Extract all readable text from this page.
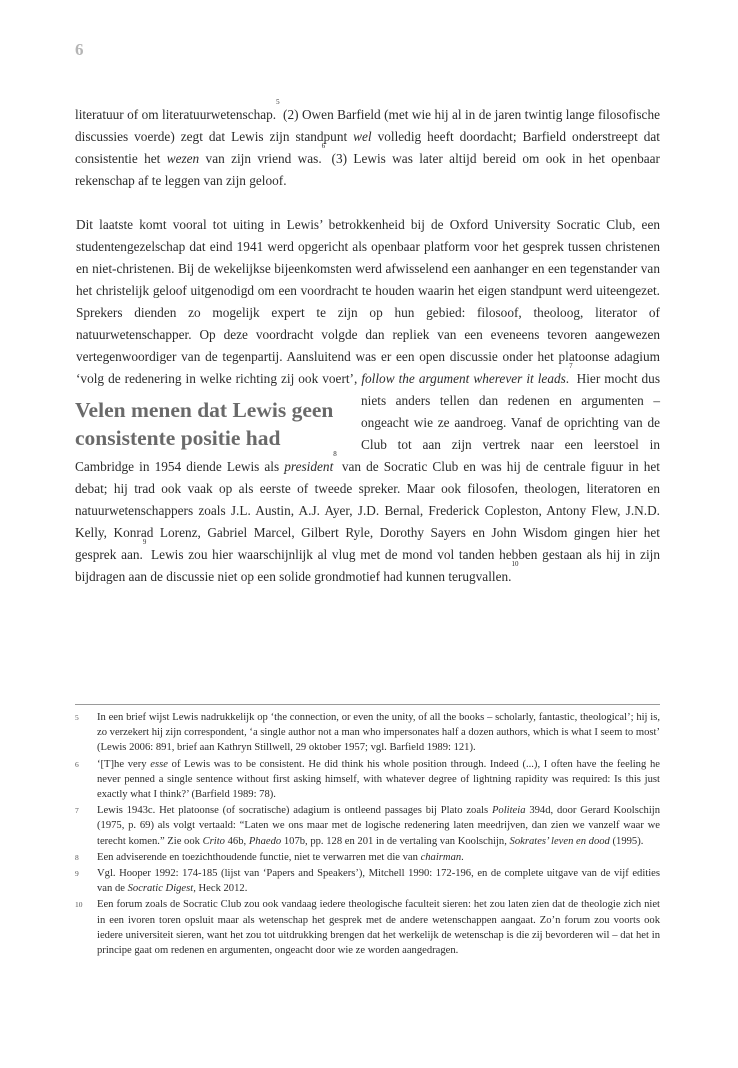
6

literatuur of om literatuurwetenschap.$^5$ (2) Owen Barfield (met wie hij al in de jaren twintig lange filosofische discussies voerde) zegt dat Lewis zijn standpunt wel volledig heeft doordacht; Barfield onderstreept dat consistentie het wezen van zijn vriend was.$^6$ (3) Lewis was later altijd bereid om ook in het openbaar rekenschap af te leggen van zijn geloof.

Velen menen dat Lewis geen consistente positie had
Dit laatste komt vooral tot uiting in Lewis’ betrokkenheid bij de Oxford University Socratic Club, een studentengezelschap dat eind 1941 werd opgericht als openbaar platform voor het gesprek tussen christenen en niet-christenen. Bij de wekelijkse bijeenkomsten werd afwisselend een aanhanger en een tegenstander van het christelijk geloof uitgenodigd om een voordracht te houden waarin het eigen standpunt werd uiteengezet. Sprekers dienden zo mogelijk expert te zijn op hun gebied: filosoof, theoloog, literator of natuurwetenschapper. Op deze voordracht volgde dan repliek van een eveneens tevoren aangewezen vertegenwoordiger van de tegenpartij. Aansluitend was er een open discussie onder het platoonse adagium ‘volg de redenering in welke richting zij ook voert’, follow the argument wherever it leads.$^7$ Hier mocht dus niets anders tellen dan redenen en argumenten – ongeacht wie ze aandroeg. Vanaf de oprichting van de Club tot aan zijn vertrek naar een leerstoel in Cambridge in 1954 diende Lewis als president$^8$ van de Socratic Club en was hij de centrale figuur in het debat; hij trad ook vaak op als eerste of tweede spreker. Maar ook filosofen, theologen, literatoren en natuurwetenschappers zoals J.L. Austin, A.J. Ayer, J.D. Bernal, Frederick Copleston, Antony Flew, J.N.D. Kelly, Konrad Lorenz, Gabriel Marcel, Gilbert Ryle, Dorothy Sayers en John Wisdom gingen hier het gesprek aan.$^9$ Lewis zou hier waarschijnlijk al vlug met de mond vol tanden hebben gestaan als hij in zijn bijdragen aan de discussie niet op een solide grondmotief had kunnen terugvallen.$^{10}$

5	In een brief wijst Lewis nadrukkelijk op ‘the connection, or even the unity, of all the books – scholarly, fantastic, theological’; hij is, zo verzekert hij zijn correspondent, ‘a single author not a man who impersonates half a dozen authors, which is what I seem to most’ (Lewis 2006: 891, brief aan Kathryn Stillwell, 29 oktober 1957; vgl. Barfield 1989: 121).
6	‘[T]he very esse of Lewis was to be consistent. He did think his whole position through. Indeed (...), I often have the feeling he never penned a single sentence without first asking himself, with whatever degree of lightning rapidity was required: Is this just exactly what I think?’ (Barfield 1989: 78).
7	Lewis 1943c. Het platoonse (of socratische) adagium is ontleend passages bij Plato zoals Politeia 394d, door Gerard Koolschijn (1975, p. 69) als volgt vertaald: “Laten we ons maar met de logische redenering laten meedrijven, dan zien we vanzelf waar we terecht komen.” Zie ook Crito 46b, Phaedo 107b, pp. 128 en 201 in de vertaling van Koolschijn, Sokrates’ leven en dood (1995).
8	Een adviserende en toezichthoudende functie, niet te verwarren met die van chairman.
9	Vgl. Hooper 1992: 174-185 (lijst van ‘Papers and Speakers’), Mitchell 1990: 172-196, en de complete uitgave van de vijf edities van de Socratic Digest, Heck 2012.
10	Een forum zoals de Socratic Club zou ook vandaag iedere theologische faculteit sieren: het zou laten zien dat de theologie zich niet in een ivoren toren opsluit maar als wetenschap het gesprek met de andere wetenschappen aangaat. Zo’n forum zou voorts ook iedere universiteit sieren, want het zou tot uitdrukking brengen dat het werkelijk de wetenschap is die zij bevorderen wil – dat het in principe gaat om redenen en argumenten, ongeacht door wie ze worden aangedragen.
